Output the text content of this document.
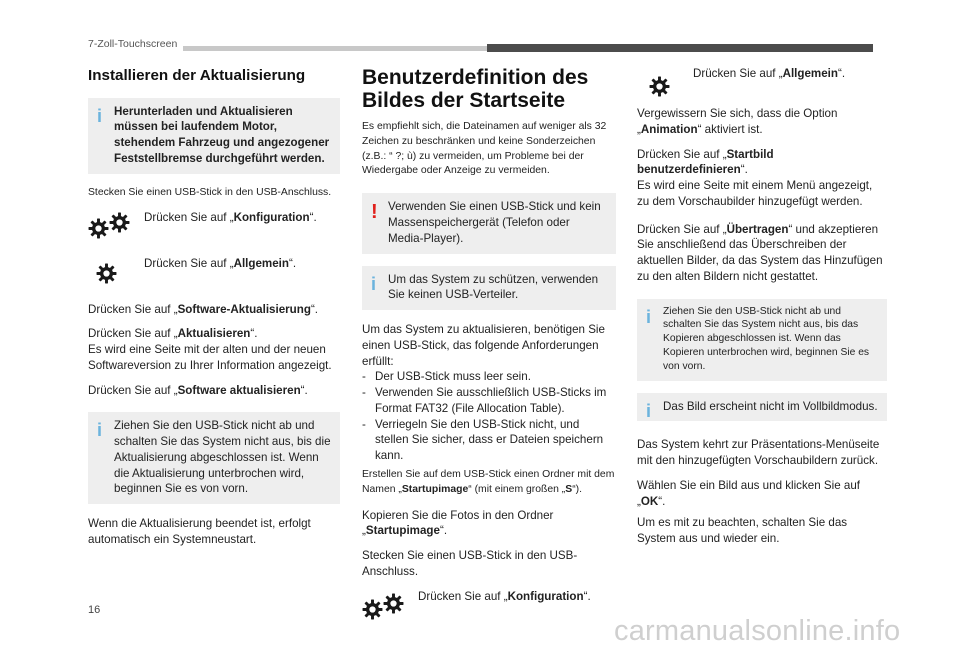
7-Zoll-Touchscreen
Installieren der Aktualisierung
i Herunterladen und Aktualisieren müssen bei laufendem Motor, stehendem Fahrzeug und angezogener Feststellbremse durchgeführt werden.

Stecken Sie einen USB-Stick in den USB-Anschluss.

Drücken Sie auf „Konfiguration“.
Drücken Sie auf „Allgemein“.

Drücken Sie auf „Software-Aktualisierung“.

Drücken Sie auf „Aktualisieren“.
Es wird eine Seite mit der alten und der neuen Softwareversion zu Ihrer Information angezeigt.

Drücken Sie auf „Software aktualisieren“.

i Ziehen Sie den USB-Stick nicht ab und schalten Sie das System nicht aus, bis die Aktualisierung abgeschlossen ist. Wenn die Aktualisierung unterbrochen wird, beginnen Sie es von vorn.

Wenn die Aktualisierung beendet ist, erfolgt automatisch ein Systemneustart.

Benutzerdefinition des Bildes der Startseite

Es empfiehlt sich, die Dateinamen auf weniger als 32 Zeichen zu beschränken und keine Sonderzeichen (z.B.: “ ?; ù) zu vermeiden, um Probleme bei der Wiedergabe oder Anzeige zu vermeiden.

! Verwenden Sie einen USB-Stick und kein Massenspeichergerät (Telefon oder Media-Player).
i Um das System zu schützen, verwenden Sie keinen USB-Verteiler.

Um das System zu aktualisieren, benötigen Sie einen USB-Stick, das folgende Anforderungen erfüllt:

- Der USB-Stick muss leer sein.
- Verwenden Sie ausschließlich USB-Sticks im Format FAT32 (File Allocation Table).
- Verriegeln Sie den USB-Stick nicht, und stellen Sie sicher, dass er Dateien speichern kann.

Erstellen Sie auf dem USB-Stick einen Ordner mit dem Namen „Startupimage“ (mit einem großen „S“).

Kopieren Sie die Fotos in den Ordner „Startupimage“.

Stecken Sie einen USB-Stick in den USB-Anschluss.

Drücken Sie auf „Konfiguration“.
Drücken Sie auf „Allgemein“.

Vergewissern Sie sich, dass die Option „Animation“ aktiviert ist.

Drücken Sie auf „Startbild benutzerdefinieren“.
Es wird eine Seite mit einem Menü angezeigt, zu dem Vorschaubilder hinzugefügt werden.

Drücken Sie auf „Übertragen“ und akzeptieren Sie anschließend das Überschreiben der aktuellen Bilder, da das System das Hinzufügen zu den alten Bildern nicht gestattet.

i Ziehen Sie den USB-Stick nicht ab und schalten Sie das System nicht aus, bis das Kopieren abgeschlossen ist. Wenn das Kopieren unterbrochen wird, beginnen Sie es von vorn.
i Das Bild erscheint nicht im Vollbildmodus.

Das System kehrt zur Präsentations-Menüseite mit den hinzugefügten Vorschaubildern zurück.

Wählen Sie ein Bild aus und klicken Sie auf „OK“.

Um es mit zu beachten, schalten Sie das System aus und wieder ein.

16
carmanualsonline.info
